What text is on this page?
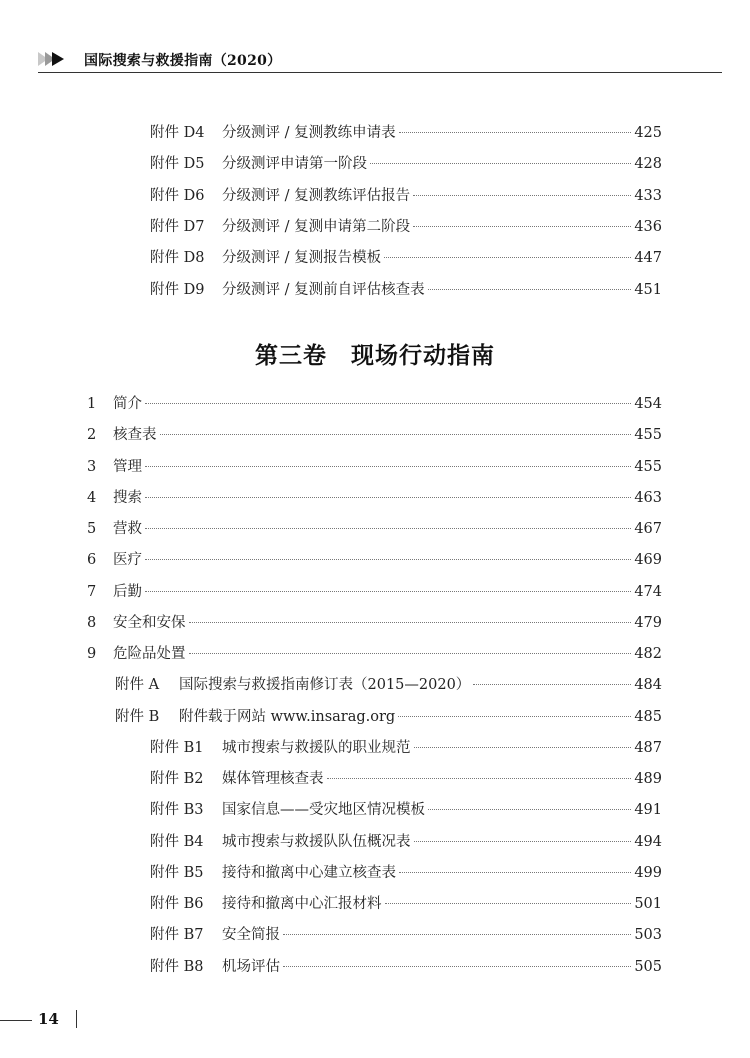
国际搜索与救援指南（2020）
附件 D4	分级测评 / 复测教练申请表	425
附件 D5	分级测评申请第一阶段	428
附件 D6	分级测评 / 复测教练评估报告	433
附件 D7	分级测评 / 复测申请第二阶段	436
附件 D8	分级测评 / 复测报告模板	447
附件 D9	分级测评 / 复测前自评估核查表	451
第三卷　现场行动指南
1	简介	454
2	核查表	455
3	管理	455
4	搜索	463
5	营救	467
6	医疗	469
7	后勤	474
8	安全和安保	479
9	危险品处置	482
附件 A	国际搜索与救援指南修订表（2015—2020）	484
附件 B	附件载于网站 www.insarag.org	485
附件 B1	城市搜索与救援队的职业规范	487
附件 B2	媒体管理核查表	489
附件 B3	国家信息——受灾地区情况模板	491
附件 B4	城市搜索与救援队队伍概况表	494
附件 B5	接待和撤离中心建立核查表	499
附件 B6	接待和撤离中心汇报材料	501
附件 B7	安全简报	503
附件 B8	机场评估	505
14
